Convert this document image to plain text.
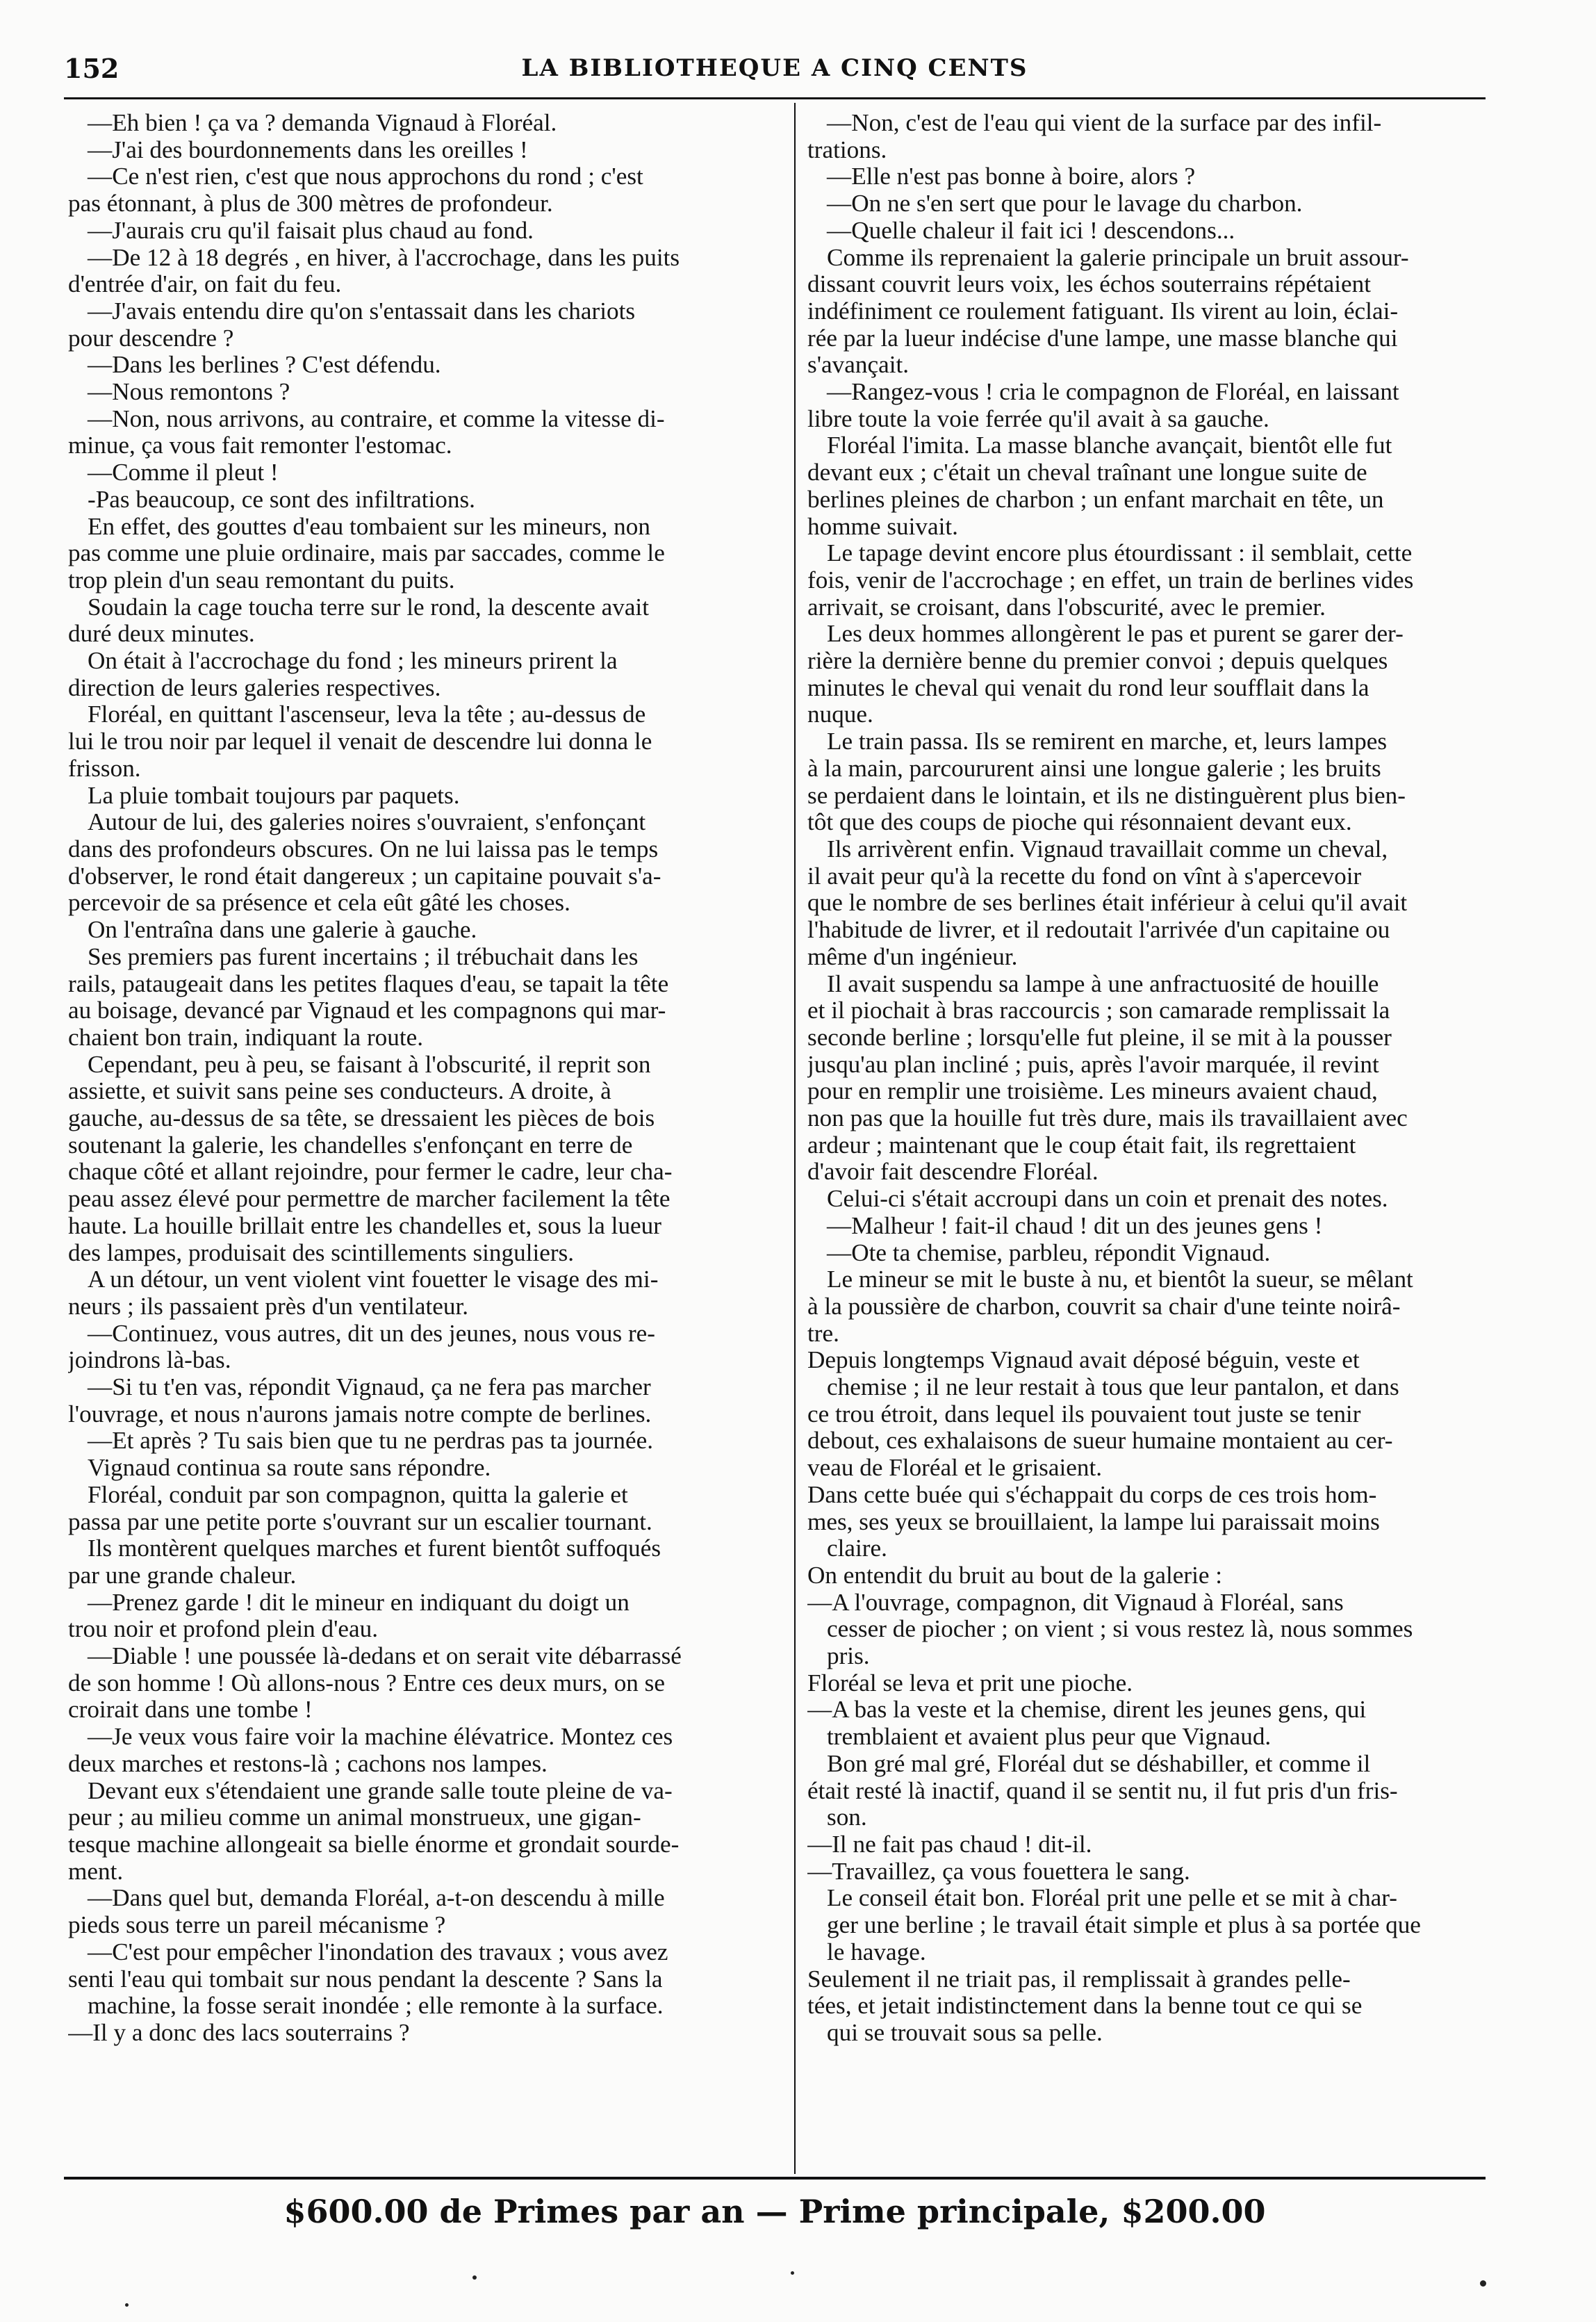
152	LA BIBLIOTHEQUE A CINQ CENTS
—Eh bien ! ça va ? demanda Vignaud à Floréal.
—J'ai des bourdonnements dans les oreilles !
—Ce n'est rien, c'est que nous approchons du rond ; c'est
pas étonnant, à plus de 300 mètres de profondeur.
—J'aurais cru qu'il faisait plus chaud au fond.
—De 12 à 18 degrés , en hiver, à l'accrochage, dans les puits
d'entrée d'air, on fait du feu.
—J'avais entendu dire qu'on s'entassait dans les chariots
pour descendre ?
—Dans les berlines ? C'est défendu.
—Nous remontons ?
—Non, nous arrivons, au contraire, et comme la vitesse di-
minue, ça vous fait remonter l'estomac.
—Comme il pleut !
-Pas beaucoup, ce sont des infiltrations.
En effet, des gouttes d'eau tombaient sur les mineurs, non
pas comme une pluie ordinaire, mais par saccades, comme le
trop plein d'un seau remontant du puits.
Soudain la cage toucha terre sur le rond, la descente avait
duré deux minutes.
On était à l'accrochage du fond ; les mineurs prirent la
direction de leurs galeries respectives.
Floréal, en quittant l'ascenseur, leva la tête ; au-dessus de
lui le trou noir par lequel il venait de descendre lui donna le
frisson.
La pluie tombait toujours par paquets.
Autour de lui, des galeries noires s'ouvraient, s'enfonçant
dans des profondeurs obscures. On ne lui laissa pas le temps
d'observer, le rond était dangereux ; un capitaine pouvait s'a-
percevoir de sa présence et cela eût gâté les choses.
On l'entraîna dans une galerie à gauche.
Ses premiers pas furent incertains ; il trébuchait dans les
rails, pataugeait dans les petites flaques d'eau, se tapait la tête
au boisage, devancé par Vignaud et les compagnons qui mar-
chaient bon train, indiquant la route.
Cependant, peu à peu, se faisant à l'obscurité, il reprit son
assiette, et suivit sans peine ses conducteurs. A droite, à
gauche, au-dessus de sa tête, se dressaient les pièces de bois
soutenant la galerie, les chandelles s'enfonçant en terre de
chaque côté et allant rejoindre, pour fermer le cadre, leur cha-
peau assez élevé pour permettre de marcher facilement la tête
haute. La houille brillait entre les chandelles et, sous la lueur
des lampes, produisait des scintillements singuliers.
A un détour, un vent violent vint fouetter le visage des mi-
neurs ; ils passaient près d'un ventilateur.
—Continuez, vous autres, dit un des jeunes, nous vous re-
joindrons là-bas.
—Si tu t'en vas, répondit Vignaud, ça ne fera pas marcher
l'ouvrage, et nous n'aurons jamais notre compte de berlines.
—Et après ? Tu sais bien que tu ne perdras pas ta journée.
Vignaud continua sa route sans répondre.
Floréal, conduit par son compagnon, quitta la galerie et
passa par une petite porte s'ouvrant sur un escalier tournant.
Ils montèrent quelques marches et furent bientôt suffoqués
par une grande chaleur.
—Prenez garde ! dit le mineur en indiquant du doigt un
trou noir et profond plein d'eau.
—Diable ! une poussée là-dedans et on serait vite débarrassé
de son homme ! Où allons-nous ? Entre ces deux murs, on se
croirait dans une tombe !
—Je veux vous faire voir la machine élévatrice. Montez ces
deux marches et restons-là ; cachons nos lampes.
Devant eux s'étendaient une grande salle toute pleine de va-
peur ; au milieu comme un animal monstrueux, une gigan-
tesque machine allongeait sa bielle énorme et grondait sourde-
ment.
—Dans quel but, demanda Floréal, a-t-on descendu à mille
pieds sous terre un pareil mécanisme ?
—C'est pour empêcher l'inondation des travaux ; vous avez
senti l'eau qui tombait sur nous pendant la descente ? Sans la
machine, la fosse serait inondée ; elle remonte à la surface.
—Il y a donc des lacs souterrains ?
—Non, c'est de l'eau qui vient de la surface par des infil-
trations.
—Elle n'est pas bonne à boire, alors ?
—On ne s'en sert que pour le lavage du charbon.
—Quelle chaleur il fait ici ! descendons...
Comme ils reprenaient la galerie principale un bruit assour-
dissant couvrit leurs voix, les échos souterrains répétaient
indéfiniment ce roulement fatiguant. Ils virent au loin, éclai-
rée par la lueur indécise d'une lampe, une masse blanche qui
s'avançait.
—Rangez-vous ! cria le compagnon de Floréal, en laissant
libre toute la voie ferrée qu'il avait à sa gauche.
Floréal l'imita. La masse blanche avançait, bientôt elle fut
devant eux ; c'était un cheval traînant une longue suite de
berlines pleines de charbon ; un enfant marchait en tête, un
homme suivait.
Le tapage devint encore plus étourdissant : il semblait, cette
fois, venir de l'accrochage ; en effet, un train de berlines vides
arrivait, se croisant, dans l'obscurité, avec le premier.
Les deux hommes allongèrent le pas et purent se garer der-
rière la dernière benne du premier convoi ; depuis quelques
minutes le cheval qui venait du rond leur soufflait dans la
nuque.
Le train passa. Ils se remirent en marche, et, leurs lampes
à la main, parcoururent ainsi une longue galerie ; les bruits
se perdaient dans le lointain, et ils ne distinguèrent plus bien-
tôt que des coups de pioche qui résonnaient devant eux.
Ils arrivèrent enfin. Vignaud travaillait comme un cheval,
il avait peur qu'à la recette du fond on vînt à s'apercevoir
que le nombre de ses berlines était inférieur à celui qu'il avait
l'habitude de livrer, et il redoutait l'arrivée d'un capitaine ou
même d'un ingénieur.
Il avait suspendu sa lampe à une anfractuosité de houille
et il piochait à bras raccourcis ; son camarade remplissait la
seconde berline ; lorsqu'elle fut pleine, il se mit à la pousser
jusqu'au plan incliné ; puis, après l'avoir marquée, il revint
pour en remplir une troisième. Les mineurs avaient chaud,
non pas que la houille fut très dure, mais ils travaillaient avec
ardeur ; maintenant que le coup était fait, ils regrettaient
d'avoir fait descendre Floréal.
Celui-ci s'était accroupi dans un coin et prenait des notes.
—Malheur ! fait-il chaud ! dit un des jeunes gens !
—Ote ta chemise, parbleu, répondit Vignaud.
Le mineur se mit le buste à nu, et bientôt la sueur, se mêlant
à la poussière de charbon, couvrit sa chair d'une teinte noirâ-
tre.
Depuis longtemps Vignaud avait déposé béguin, veste et
chemise ; il ne leur restait à tous que leur pantalon, et dans
ce trou étroit, dans lequel ils pouvaient tout juste se tenir
debout, ces exhalaisons de sueur humaine montaient au cer-
veau de Floréal et le grisaient.
Dans cette buée qui s'échappait du corps de ces trois hom-
mes, ses yeux se brouillaient, la lampe lui paraissait moins
claire.
On entendit du bruit au bout de la galerie :
—A l'ouvrage, compagnon, dit Vignaud à Floréal, sans
cesser de piocher ; on vient ; si vous restez là, nous sommes
pris.
Floréal se leva et prit une pioche.
—A bas la veste et la chemise, dirent les jeunes gens, qui
tremblaient et avaient plus peur que Vignaud.
Bon gré mal gré, Floréal dut se déshabiller, et comme il
était resté là inactif, quand il se sentit nu, il fut pris d'un fris-
son.
—Il ne fait pas chaud ! dit-il.
—Travaillez, ça vous fouettera le sang.
Le conseil était bon. Floréal prit une pelle et se mit à char-
ger une berline ; le travail était simple et plus à sa portée que
le havage.
Seulement il ne triait pas, il remplissait à grandes pelle-
tées, et jetait indistinctement dans la benne tout ce qui se
qui se trouvait sous sa pelle.
$600.00 de Primes par an — Prime principale, $200.00
